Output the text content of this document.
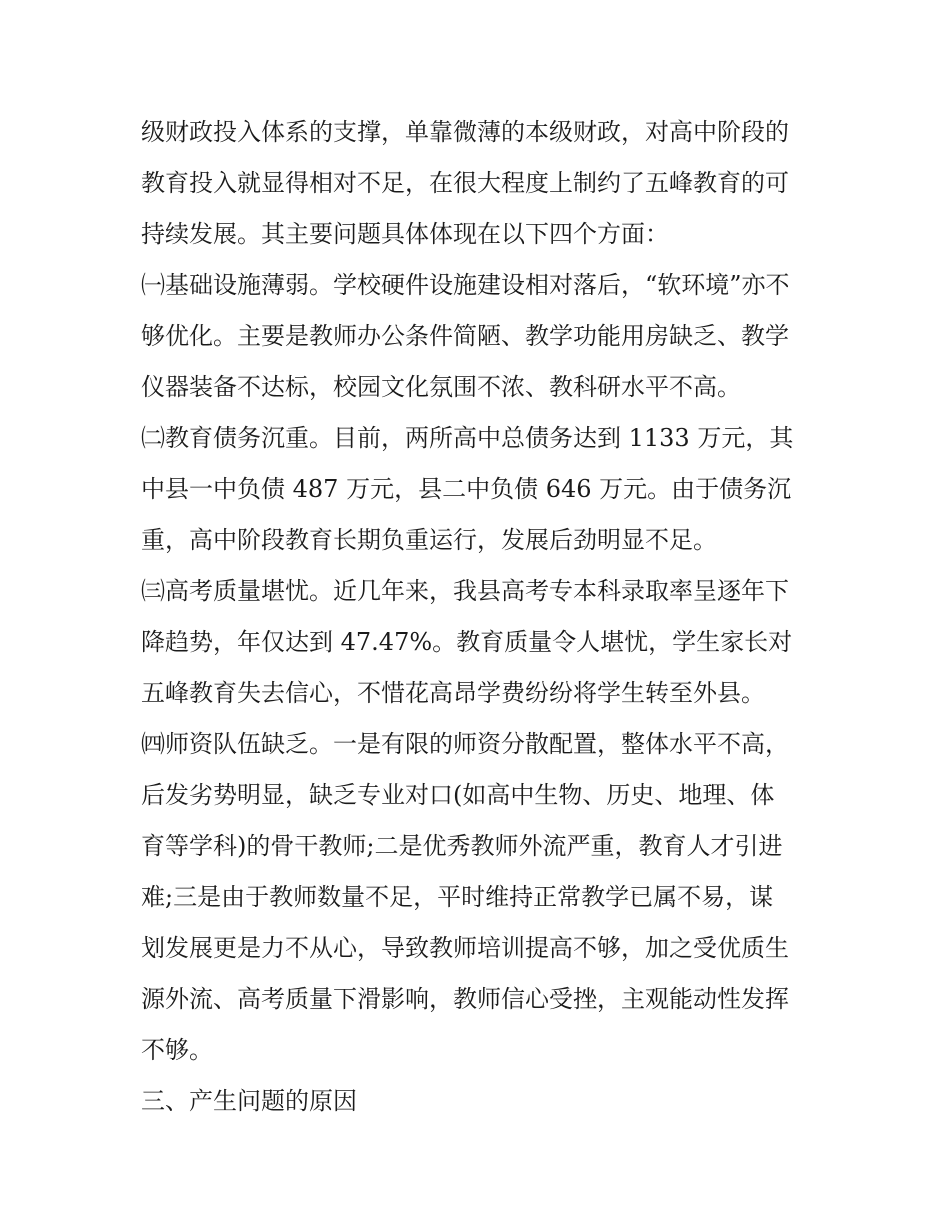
级财政投入体系的支撑，单靠微薄的本级财政，对高中阶段的
教育投入就显得相对不足，在很大程度上制约了五峰教育的可
持续发展。其主要问题具体体现在以下四个方面：
㈠基础设施薄弱。学校硬件设施建设相对落后，“软环境”亦不
够优化。主要是教师办公条件简陋、教学功能用房缺乏、教学
仪器装备不达标，校园文化氛围不浓、教科研水平不高。
㈡教育债务沉重。目前，两所高中总债务达到 1133 万元，其
中县一中负债 487 万元，县二中负债 646 万元。由于债务沉
重，高中阶段教育长期负重运行，发展后劲明显不足。
㈢高考质量堪忧。近几年来，我县高考专本科录取率呈逐年下
降趋势，年仅达到 47.47%。教育质量令人堪忧，学生家长对
五峰教育失去信心，不惜花高昂学费纷纷将学生转至外县。
㈣师资队伍缺乏。一是有限的师资分散配置，整体水平不高，
后发劣势明显，缺乏专业对口(如高中生物、历史、地理、体
育等学科)的骨干教师;二是优秀教师外流严重，教育人才引进
难;三是由于教师数量不足，平时维持正常教学已属不易，谋
划发展更是力不从心，导致教师培训提高不够，加之受优质生
源外流、高考质量下滑影响，教师信心受挫，主观能动性发挥
不够。
三、产生问题的原因
